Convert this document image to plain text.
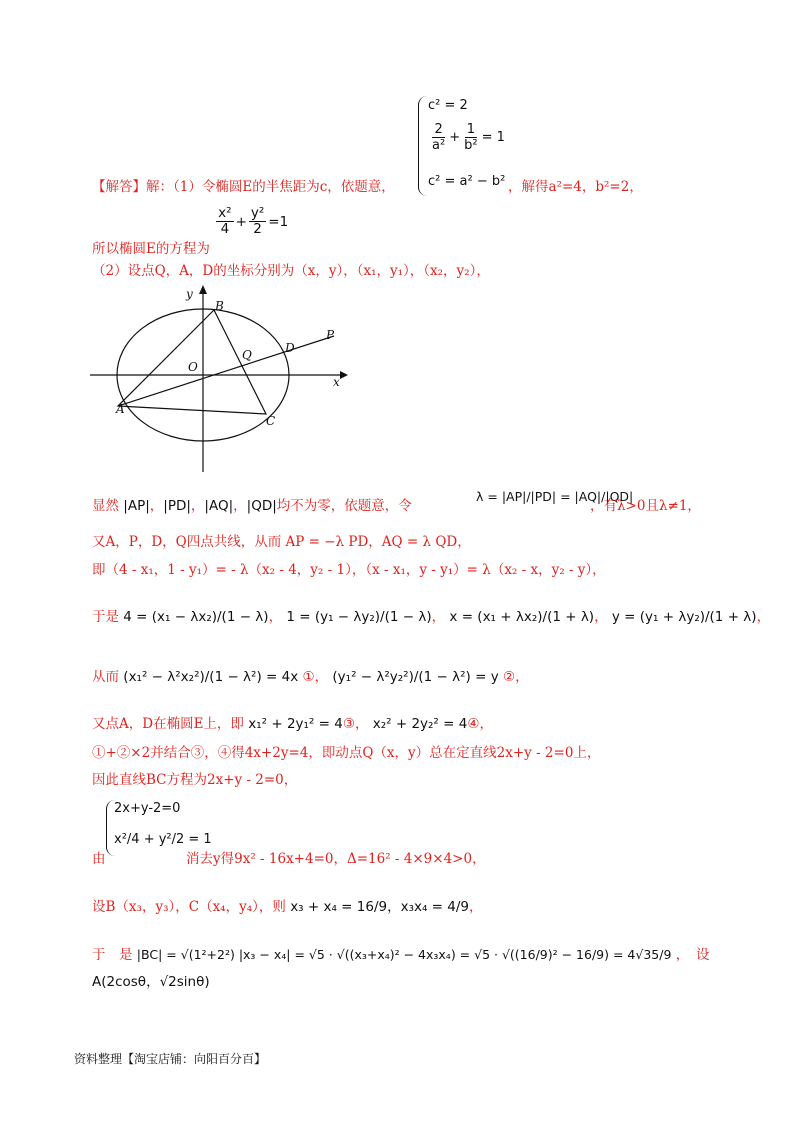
c² = 2
$\frac{2}{\text{a²}} + \frac{1}{\text{b²}} = 1$
c² = a² − b²
【解答】解：（1）令椭圆E的半焦距为c，依题意，	，解得a²=4，b²=2，
所以椭圆E的方程为
$\frac{\text{x²}}{4} + \frac{\text{y²}}{2} =1$
（2）设点Q，A，D的坐标分别为（x，y），（x₁，y₁），（x₂，y₂），
y
x
B
O
Q	D
P
A
C
显然 |AP|，|PD|，|AQ|，|QD|均不为零，依题意，令
λ = |AP|/|PD| = |AQ|/|QD|
，有λ>0且λ≠1，
又A，P，D，Q四点共线，从而 AP = −λ PD，AQ = λ QD，
即（4 - x₁，1 - y₁）= - λ（x₂ - 4，y₂ - 1），（x - x₁，y - y₁）= λ（x₂ - x，y₂ - y），
于是 4 = (x₁ − λx₂)/(1 − λ)， 1 = (y₁ − λy₂)/(1 − λ)， x = (x₁ + λx₂)/(1 + λ)， y = (y₁ + λy₂)/(1 + λ)，
从而 (x₁² − λ²x₂²)/(1 − λ²) = 4x ①， (y₁² − λ²y₂²)/(1 − λ²) = y ②，
又点A，D在椭圆E上，即 x₁² + 2y₁² = 4③， x₂² + 2y₂² = 4④，
①+②×2并结合③，④得4x+2y=4，即动点Q（x，y）总在定直线2x+y - 2=0上，
因此直线BC方程为2x+y - 2=0，
2x+y-2=0
x²/4 + y²/2 = 1
由	消去y得9x² - 16x+4=0，Δ=16² - 4×9×4>0，
设B（x₃，y₃），C（x₄，y₄），则 x₃ + x₄ = 16/9，x₃x₄ = 4/9，
于　是 |BC| = √(1²+2²) |x₃ − x₄| = √5 · √((x₃+x₄)² − 4x₃x₄) = √5 · √((16/9)² − 16/9) = 4√35/9 ，　设
A(2cosθ，√2sinθ)
资料整理【淘宝店铺：向阳百分百】
